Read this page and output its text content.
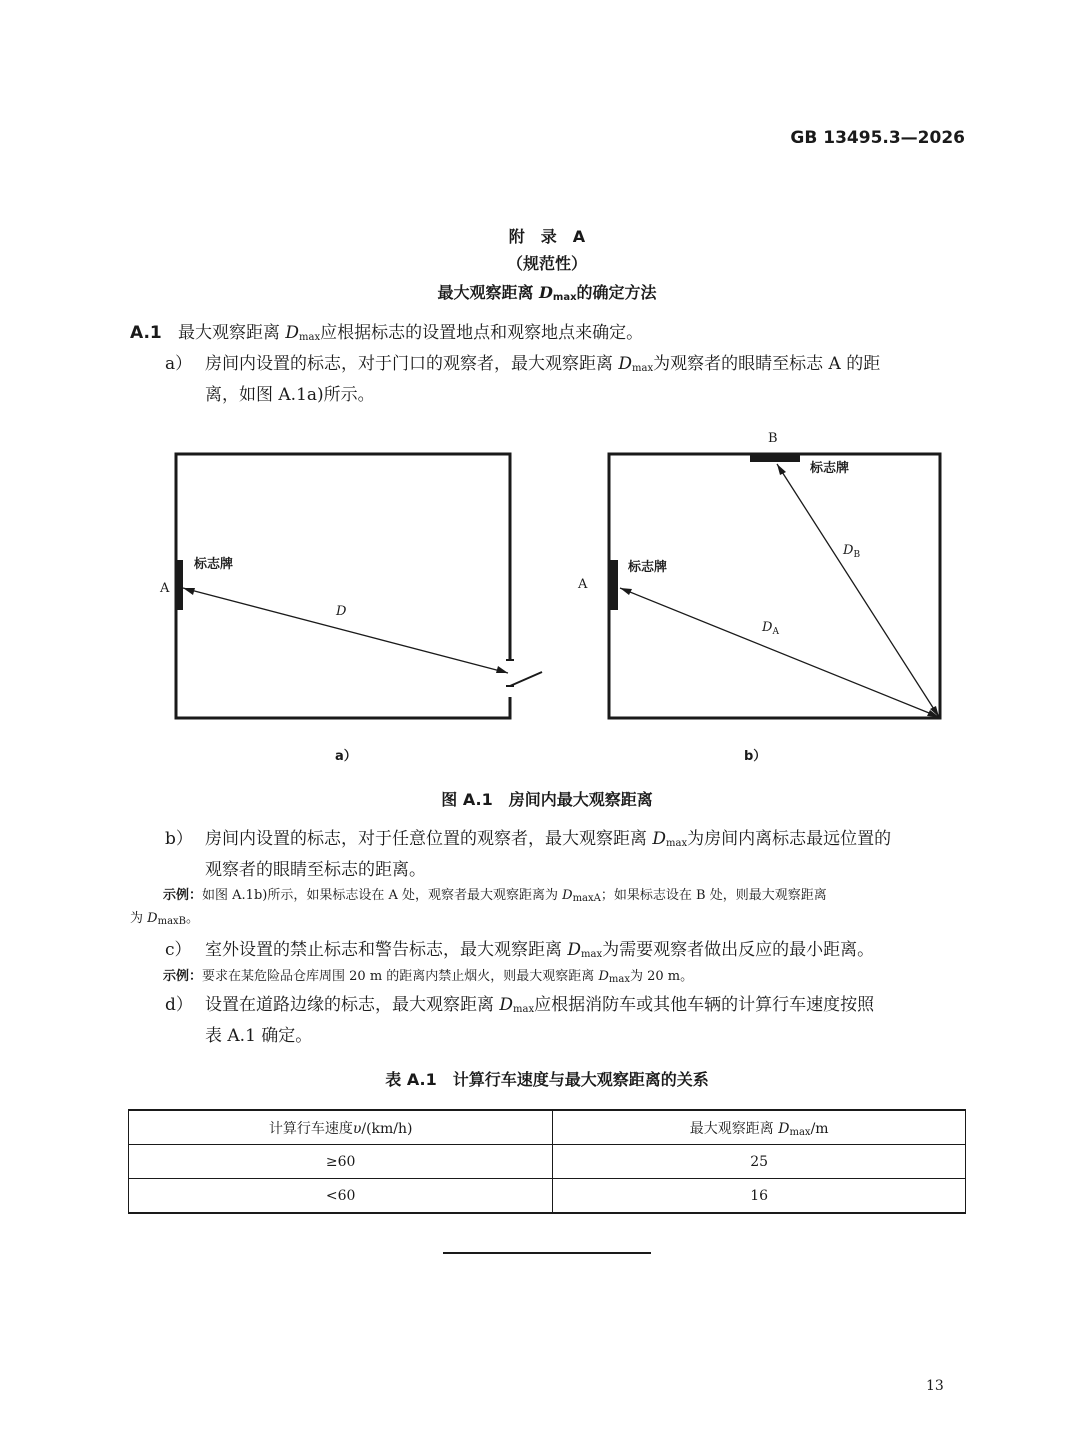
GB 13495.3—2026
附　录　A
（规范性）
最大观察距离 $D_{max}$的确定方法
A.1 最大观察距离 $D_{max}$应根据标志的设置地点和观察地点来确定。
a） 房间内设置的标志，对于门口的观察者，最大观察距离 $D_{max}$为观察者的眼睛至标志 A 的距
离，如图 A.1a)所示。
A
标志牌
D
a）
B
标志牌
A
标志牌
$D_B$
$D_A$
b）
图 A.1　房间内最大观察距离
b） 房间内设置的标志，对于任意位置的观察者，最大观察距离 $D_{max}$为房间内离标志最远位置的
观察者的眼睛至标志的距离。
示例：如图 A.1b)所示，如果标志设在 A 处，观察者最大观察距离为 $D_{maxA}$；如果标志设在 B 处，则最大观察距离
为 $D_{maxB}$。
c） 室外设置的禁止标志和警告标志，最大观察距离 $D_{max}$为需要观察者做出反应的最小距离。
示例：要求在某危险品仓库周围 20 m 的距离内禁止烟火，则最大观察距离 $D_{max}$为 20 m。
d） 设置在道路边缘的标志，最大观察距离 $D_{max}$应根据消防车或其他车辆的计算行车速度按照
表 A.1 确定。
表 A.1　计算行车速度与最大观察距离的关系
计算行车速度υ/(km/h)	最大观察距离 $D_{max}/m$
≥60	25
<60	16
13
